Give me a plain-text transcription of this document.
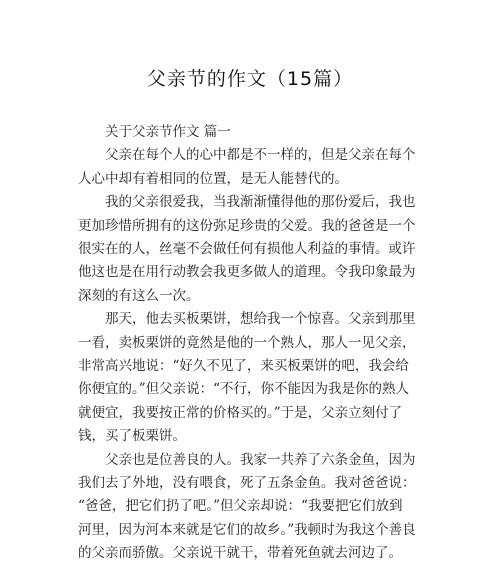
父亲节的作文（15篇）
关于父亲节作文 篇一
父亲在每个人的心中都是不一样的，但是父亲在每个
人心中却有着相同的位置，是无人能替代的。
我的父亲很爱我，当我渐渐懂得他的那份爱后，我也
更加珍惜所拥有的这份弥足珍贵的父爱。我的爸爸是一个
很实在的人，丝毫不会做任何有损他人利益的事情。或许
他这也是在用行动教会我更多做人的道理。令我印象最为
深刻的有这么一次。
那天，他去买板栗饼，想给我一个惊喜。父亲到那里
一看，卖板栗饼的竟然是他的一个熟人，那人一见父亲，
非常高兴地说：“好久不见了，来买板栗饼的吧，我会给
你便宜的。”但父亲说：“不行，你不能因为我是你的熟人
就便宜，我要按正常的价格买的。”于是，父亲立刻付了
钱，买了板栗饼。
父亲也是位善良的人。我家一共养了六条金鱼，因为
我们去了外地，没有喂食，死了五条金鱼。我对爸爸说：
“爸爸，把它们扔了吧。”但父亲却说：“我要把它们放到
河里，因为河本来就是它们的故乡。”我顿时为我这个善良
的父亲而骄傲。父亲说干就干，带着死鱼就去河边了。
